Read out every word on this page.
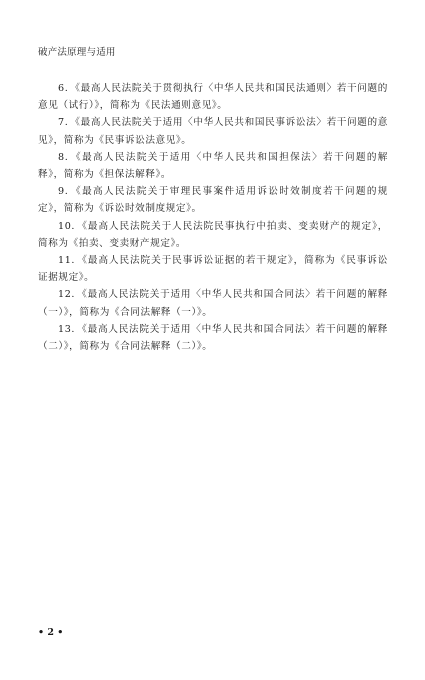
破产法原理与适用

6. 《最高人民法院关于贯彻执行〈中华人民共和国民法通则〉若干问题的意见（试行）》，简称为《民法通则意见》。

7. 《最高人民法院关于适用〈中华人民共和国民事诉讼法〉若干问题的意见》，简称为《民事诉讼法意见》。

8. 《最高人民法院关于适用〈中华人民共和国担保法〉若干问题的解释》，简称为《担保法解释》。

9. 《最高人民法院关于审理民事案件适用诉讼时效制度若干问题的规定》，简称为《诉讼时效制度规定》。

10. 《最高人民法院关于人民法院民事执行中拍卖、变卖财产的规定》，简称为《拍卖、变卖财产规定》。

11. 《最高人民法院关于民事诉讼证据的若干规定》，简称为《民事诉讼证据规定》。

12. 《最高人民法院关于适用〈中华人民共和国合同法〉若干问题的解释（一）》，简称为《合同法解释（一）》。

13. 《最高人民法院关于适用〈中华人民共和国合同法〉若干问题的解释（二）》，简称为《合同法解释（二）》。

• 2 •
